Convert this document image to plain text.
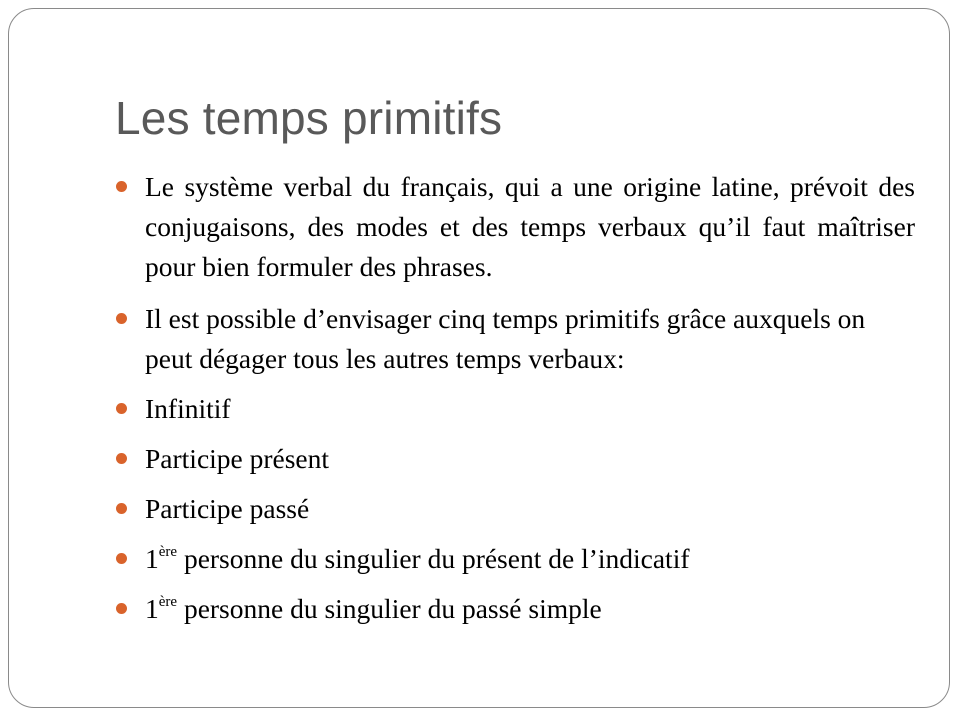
Les temps primitifs
Le système verbal du français, qui a une origine latine, prévoit des conjugaisons, des modes et des temps verbaux qu’il faut maîtriser pour bien formuler des phrases.
Il est possible d’envisager cinq temps primitifs grâce auxquels on peut dégager tous les autres temps verbaux:
Infinitif
Participe présent
Participe passé
1ère personne du singulier du présent de l’indicatif
1ère personne du singulier du passé simple
